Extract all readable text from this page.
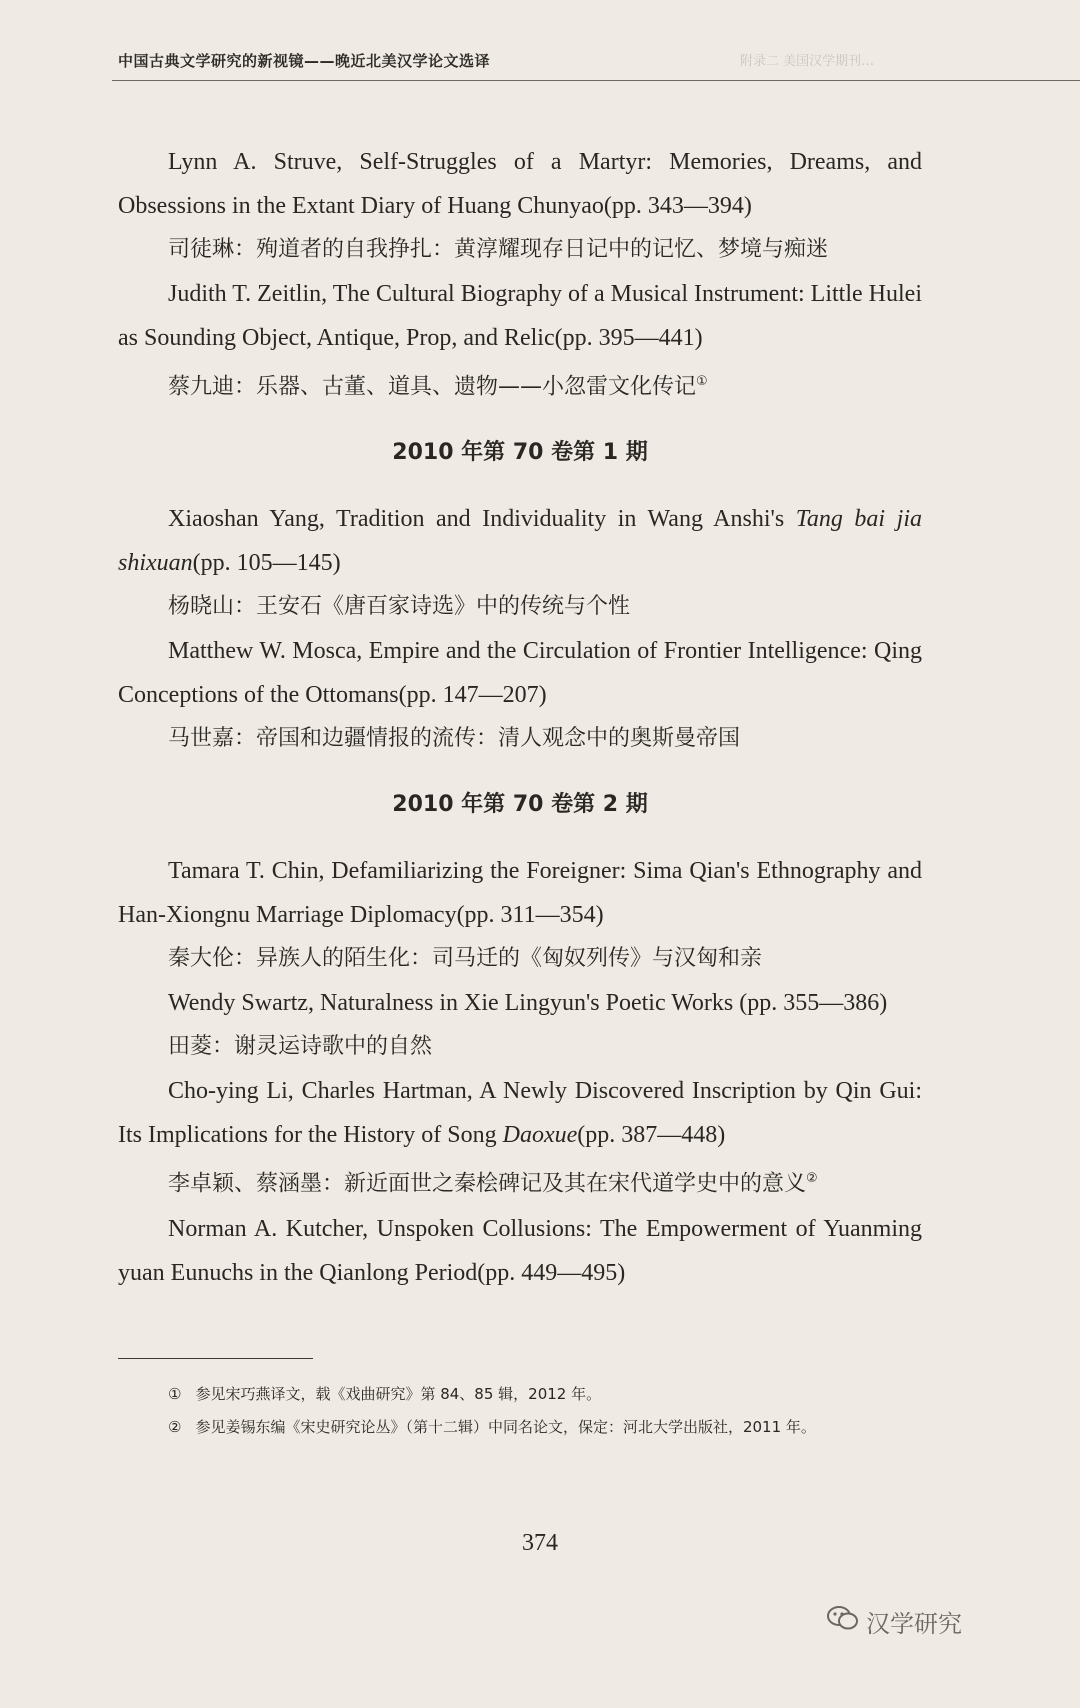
中国古典文学研究的新视镜——晚近北美汉学论文选译	附录二 美国汉学期刊…

Lynn A. Struve, Self-Struggles of a Martyr: Memories, Dreams, and Obsessions in the Extant Diary of Huang Chunyao(pp. 343—394)

司徒琳：殉道者的自我挣扎：黄淳耀现存日记中的记忆、梦境与痴迷

Judith T. Zeitlin, The Cultural Biography of a Musical Instrument: Little Hulei as Sounding Object, Antique, Prop, and Relic(pp. 395—441)

蔡九迪：乐器、古董、道具、遗物——小忽雷文化传记①

2010 年第 70 卷第 1 期

Xiaoshan Yang, Tradition and Individuality in Wang Anshi's Tang bai jia shixuan(pp. 105—145)

杨晓山：王安石《唐百家诗选》中的传统与个性

Matthew W. Mosca, Empire and the Circulation of Frontier Intelligence: Qing Conceptions of the Ottomans(pp. 147—207)

马世嘉：帝国和边疆情报的流传：清人观念中的奥斯曼帝国

2010 年第 70 卷第 2 期

Tamara T. Chin, Defamiliarizing the Foreigner: Sima Qian's Ethnography and Han-Xiongnu Marriage Diplomacy(pp. 311—354)

秦大伦：异族人的陌生化：司马迁的《匈奴列传》与汉匈和亲

Wendy Swartz, Naturalness in Xie Lingyun's Poetic Works (pp. 355—386)

田菱：谢灵运诗歌中的自然

Cho-ying Li, Charles Hartman, A Newly Discovered Inscription by Qin Gui: Its Implications for the History of Song Daoxue(pp. 387—448)

李卓颖、蔡涵墨：新近面世之秦桧碑记及其在宋代道学史中的意义②

Norman A. Kutcher, Unspoken Collusions: The Empowerment of Yuanming yuan Eunuchs in the Qianlong Period(pp. 449—495)

① 参见宋巧燕译文，载《戏曲研究》第 84、85 辑，2012 年。

② 参见姜锡东编《宋史研究论丛》（第十二辑）中同名论文，保定：河北大学出版社，2011 年。

374
汉学研究
